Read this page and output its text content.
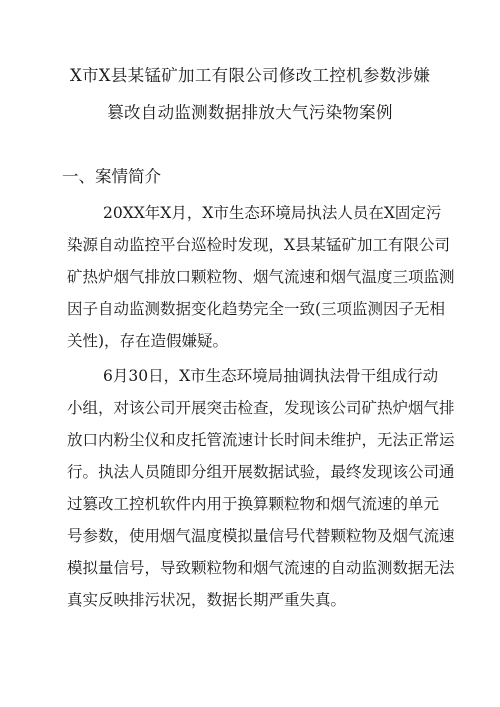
X市X县某锰矿加工有限公司修改工控机参数涉嫌
篡改自动监测数据排放大气污染物案例
一、案情简介
20XX年X月，X市生态环境局执法人员在X固定污
染源自动监控平台巡检时发现，X县某锰矿加工有限公司
矿热炉烟气排放口颗粒物、烟气流速和烟气温度三项监测
因子自动监测数据变化趋势完全一致(三项监测因子无相
关性)，存在造假嫌疑。
6月30日，X市生态环境局抽调执法骨干组成行动
小组，对该公司开展突击检查，发现该公司矿热炉烟气排
放口内粉尘仪和皮托管流速计长时间未维护，无法正常运
行。执法人员随即分组开展数据试验，最终发现该公司通
过篡改工控机软件内用于换算颗粒物和烟气流速的单元
号参数，使用烟气温度模拟量信号代替颗粒物及烟气流速
模拟量信号，导致颗粒物和烟气流速的自动监测数据无法
真实反映排污状况，数据长期严重失真。
